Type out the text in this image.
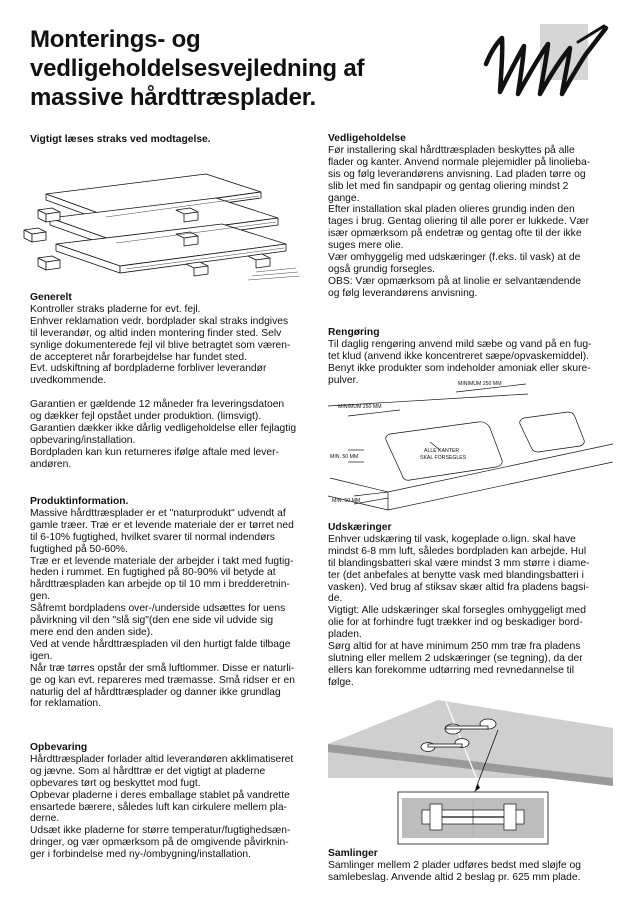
Monterings- og
vedligeholdelsesvejledning af
massive hårdttræsplader.
Vigtigt læses straks ved modtagelse.
Generelt

Kontroller straks pladerne for evt. fejl.

Enhver reklamation vedr. bordplader skal straks indgives

til leverandør, og altid inden montering finder sted. Selv

synlige dokumenterede fejl vil blive betragtet som væren-

de accepteret når forarbejdelse har fundet sted.

Evt. udskiftning af bordpladerne forbliver leverandør

uvedkommende.

Garantien er gældende 12 måneder fra leveringsdatoen

og dækker fejl opstået under produktion. (limsvigt).

Garantien dækker ikke dårlig vedligeholdelse eller fejlagtig

opbevaring/installation.

Bordpladen kan kun returneres ifølge aftale med lever-

andøren.

Produktinformation.

Massive hårdttræsplader er et "naturprodukt" udvendt af

gamle træer. Træ er et levende materiale der er tørret ned

til 6-10% fugtighed, hvilket svarer til normal indendørs

fugtighed på 50-60%.

Træ er et levende materiale der arbejder i takt med fugtig-

heden i rummet. En fugtighed på 80-90% vil betyde at

hårdttræspladen kan arbejde op til 10 mm i bredderetnin-

gen.

Såfremt bordpladens over-/underside udsættes for uens

påvirkning vil den "slå sig"(den ene side vil udvide sig

mere end den anden side).

Ved at vende hårdttræspladen vil den hurtigt falde tilbage

igen.

Når træ tørres opstår der små luftlommer. Disse er naturli-

ge og kan evt. repareres med træmasse. Små ridser er en

naturlig del af hårdttræsplader og danner ikke grundlag

for reklamation.

Opbevaring

Hårdttræsplader forlader altid leverandøren akklimatiseret

og jævne. Som al hårdttræ er det vigtigt at pladerne

opbevares tørt og beskyttet mod fugt.

Opbevar pladerne i deres emballage stablet på vandrette

ensartede bærere, således luft kan cirkulere mellem pla-

derne.

Udsæt ikke pladerne for større temperatur/fugtighedsæn-

dringer, og vær opmærksom på de omgivende påvirknin-

ger i forbindelse med ny-/ombygning/installation.

Vedligeholdelse

Før installering skal hårdttræspladen beskyttes på alle

flader og kanter. Anvend normale plejemidler på linolieba-

sis og følg leverandørens anvisning. Lad pladen tørre og

slib let med fin sandpapir og gentag oliering mindst 2

gange.

Efter installation skal pladen olieres grundig inden den

tages i brug. Gentag oliering til alle porer er lukkede. Vær

især opmærksom på endetræ og gentag ofte til der ikke

suges mere olie.

Vær omhyggelig med udskæringer (f.eks. til vask) at de

også grundig forsegles.

OBS: Vær opmærksom på at linolie er selvantændende

og følg leverandørens anvisning.

Rengøring

Til daglig rengøring anvend mild sæbe og vand på en fug-

tet klud (anvend ikke koncentreret sæpe/opvaskemiddel).

Benyt ikke produkter som indeholder amoniak eller skure-

pulver.

MINIMUM 250 MM
MINIMUM 250 MM
MIN. 50 MM
MIN. 50 MM
ALLE KANTER
SKAL FORSEGLES
Udskæringer

Enhver udskæring til vask, kogeplade o.lign. skal have

mindst 6-8 mm luft, således bordpladen kan arbejde. Hul

til blandingsbatteri skal være mindst 3 mm større i diame-

ter (det anbefales at benytte vask med blandingsbatteri i

vasken). Ved brug af stiksav skær altid fra pladens bagsi-

de.

Vigtigt: Alle udskæringer skal forsegles omhyggeligt med

olie for at forhindre fugt trækker ind og beskadiger bord-

pladen.

Sørg altid for at have minimum 250 mm træ fra pladens

slutning eller mellem 2 udskæringer (se tegning), da der

ellers kan forekomme udtørring med revnedannelse til

følge.

Samlinger

Samlinger mellem 2 plader udføres bedst med sløjfe og

samlebeslag. Anvende altid 2 beslag pr. 625 mm plade.
